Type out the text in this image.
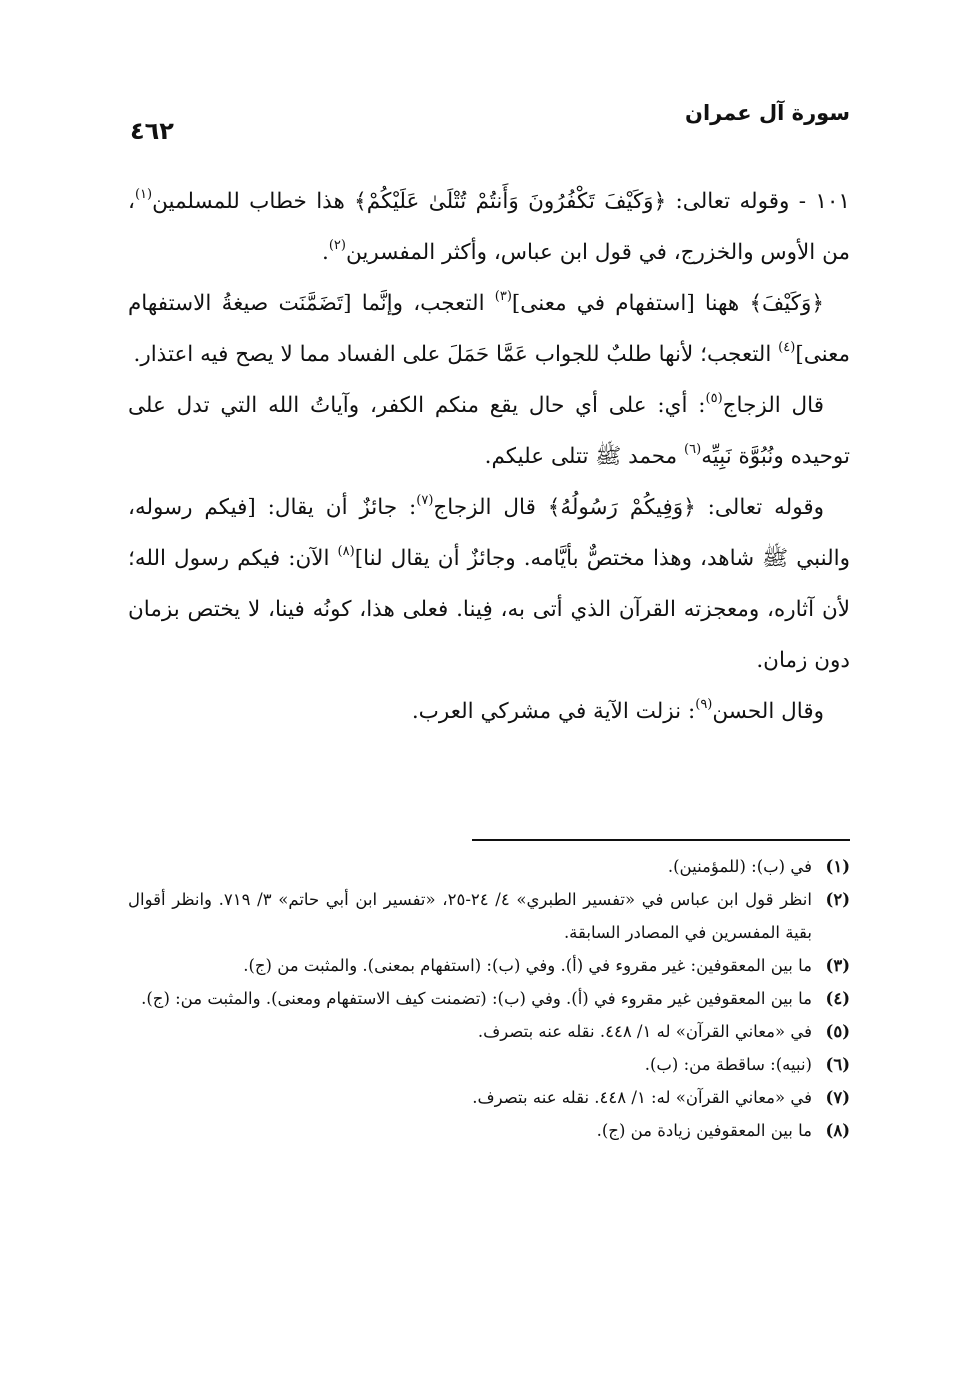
سورة آل عمران
٤٦٢

١٠١ - وقوله تعالى: ﴿وَكَيْفَ تَكْفُرُونَ وَأَنتُمْ تُتْلَىٰ عَلَيْكُمْ﴾ هذا خطاب للمسلمين$^{(١)}$، من الأوس والخزرج، في قول ابن عباس، وأكثر المفسرين$^{(٢)}$.

﴿وَكَيْفَ﴾ ههنا [استفهام في معنى]$^{(٣)}$ التعجب، وإنَّما [تَضَمَّنَت صيغةُ الاستفهام معنى]$^{(٤)}$ التعجب؛ لأنها طلبٌ للجواب عَمَّا حَمَلَ على الفساد مما لا يصح فيه اعتذار.

قال الزجاج$^{(٥)}$: أي: على أي حال يقع منكم الكفر، وآياتُ الله التي تدل على توحيده ونُبُوَّة نَبِيِّه$^{(٦)}$ محمد ﷺ تتلى عليكم.

وقوله تعالى: ﴿وَفِيكُمْ رَسُولُهُ﴾ قال الزجاج$^{(٧)}$: جائزٌ أن يقال: [فيكم رسوله، والنبي ﷺ شاهد، وهذا مختصٌّ بأيَّامه. وجائزٌ أن يقال لنا]$^{(٨)}$ الآن: فيكم رسول الله؛ لأن آثاره، ومعجزته القرآن الذي أتى به، فِينا. فعلى هذا، كونُه فينا، لا يختص بزمان دون زمان.

وقال الحسن$^{(٩)}$: نزلت الآية في مشركي العرب.

(١)
في (ب): (للمؤمنين).
(٢)
انظر قول ابن عباس في «تفسير الطبري» ٤/ ٢٤-٢٥، «تفسير ابن أبي حاتم» ٣/ ٧١٩. وانظر أقوال بقية المفسرين في المصادر السابقة.
(٣)
ما بين المعقوفين: غير مقروء في (أ). وفي (ب): (استفهام بمعنى). والمثبت من (ج).
(٤)
ما بين المعقوفين غير مقروء في (أ). وفي (ب): (تضمنت كيف الاستفهام ومعنى). والمثبت من: (ج).
(٥)
في «معاني القرآن» له ١/ ٤٤٨. نقله عنه بتصرف.
(٦)
(نبيه): ساقطة من: (ب).
(٧)
في «معاني القرآن» له: ١/ ٤٤٨. نقله عنه بتصرف.
(٨)
ما بين المعقوفين زيادة من (ج).
